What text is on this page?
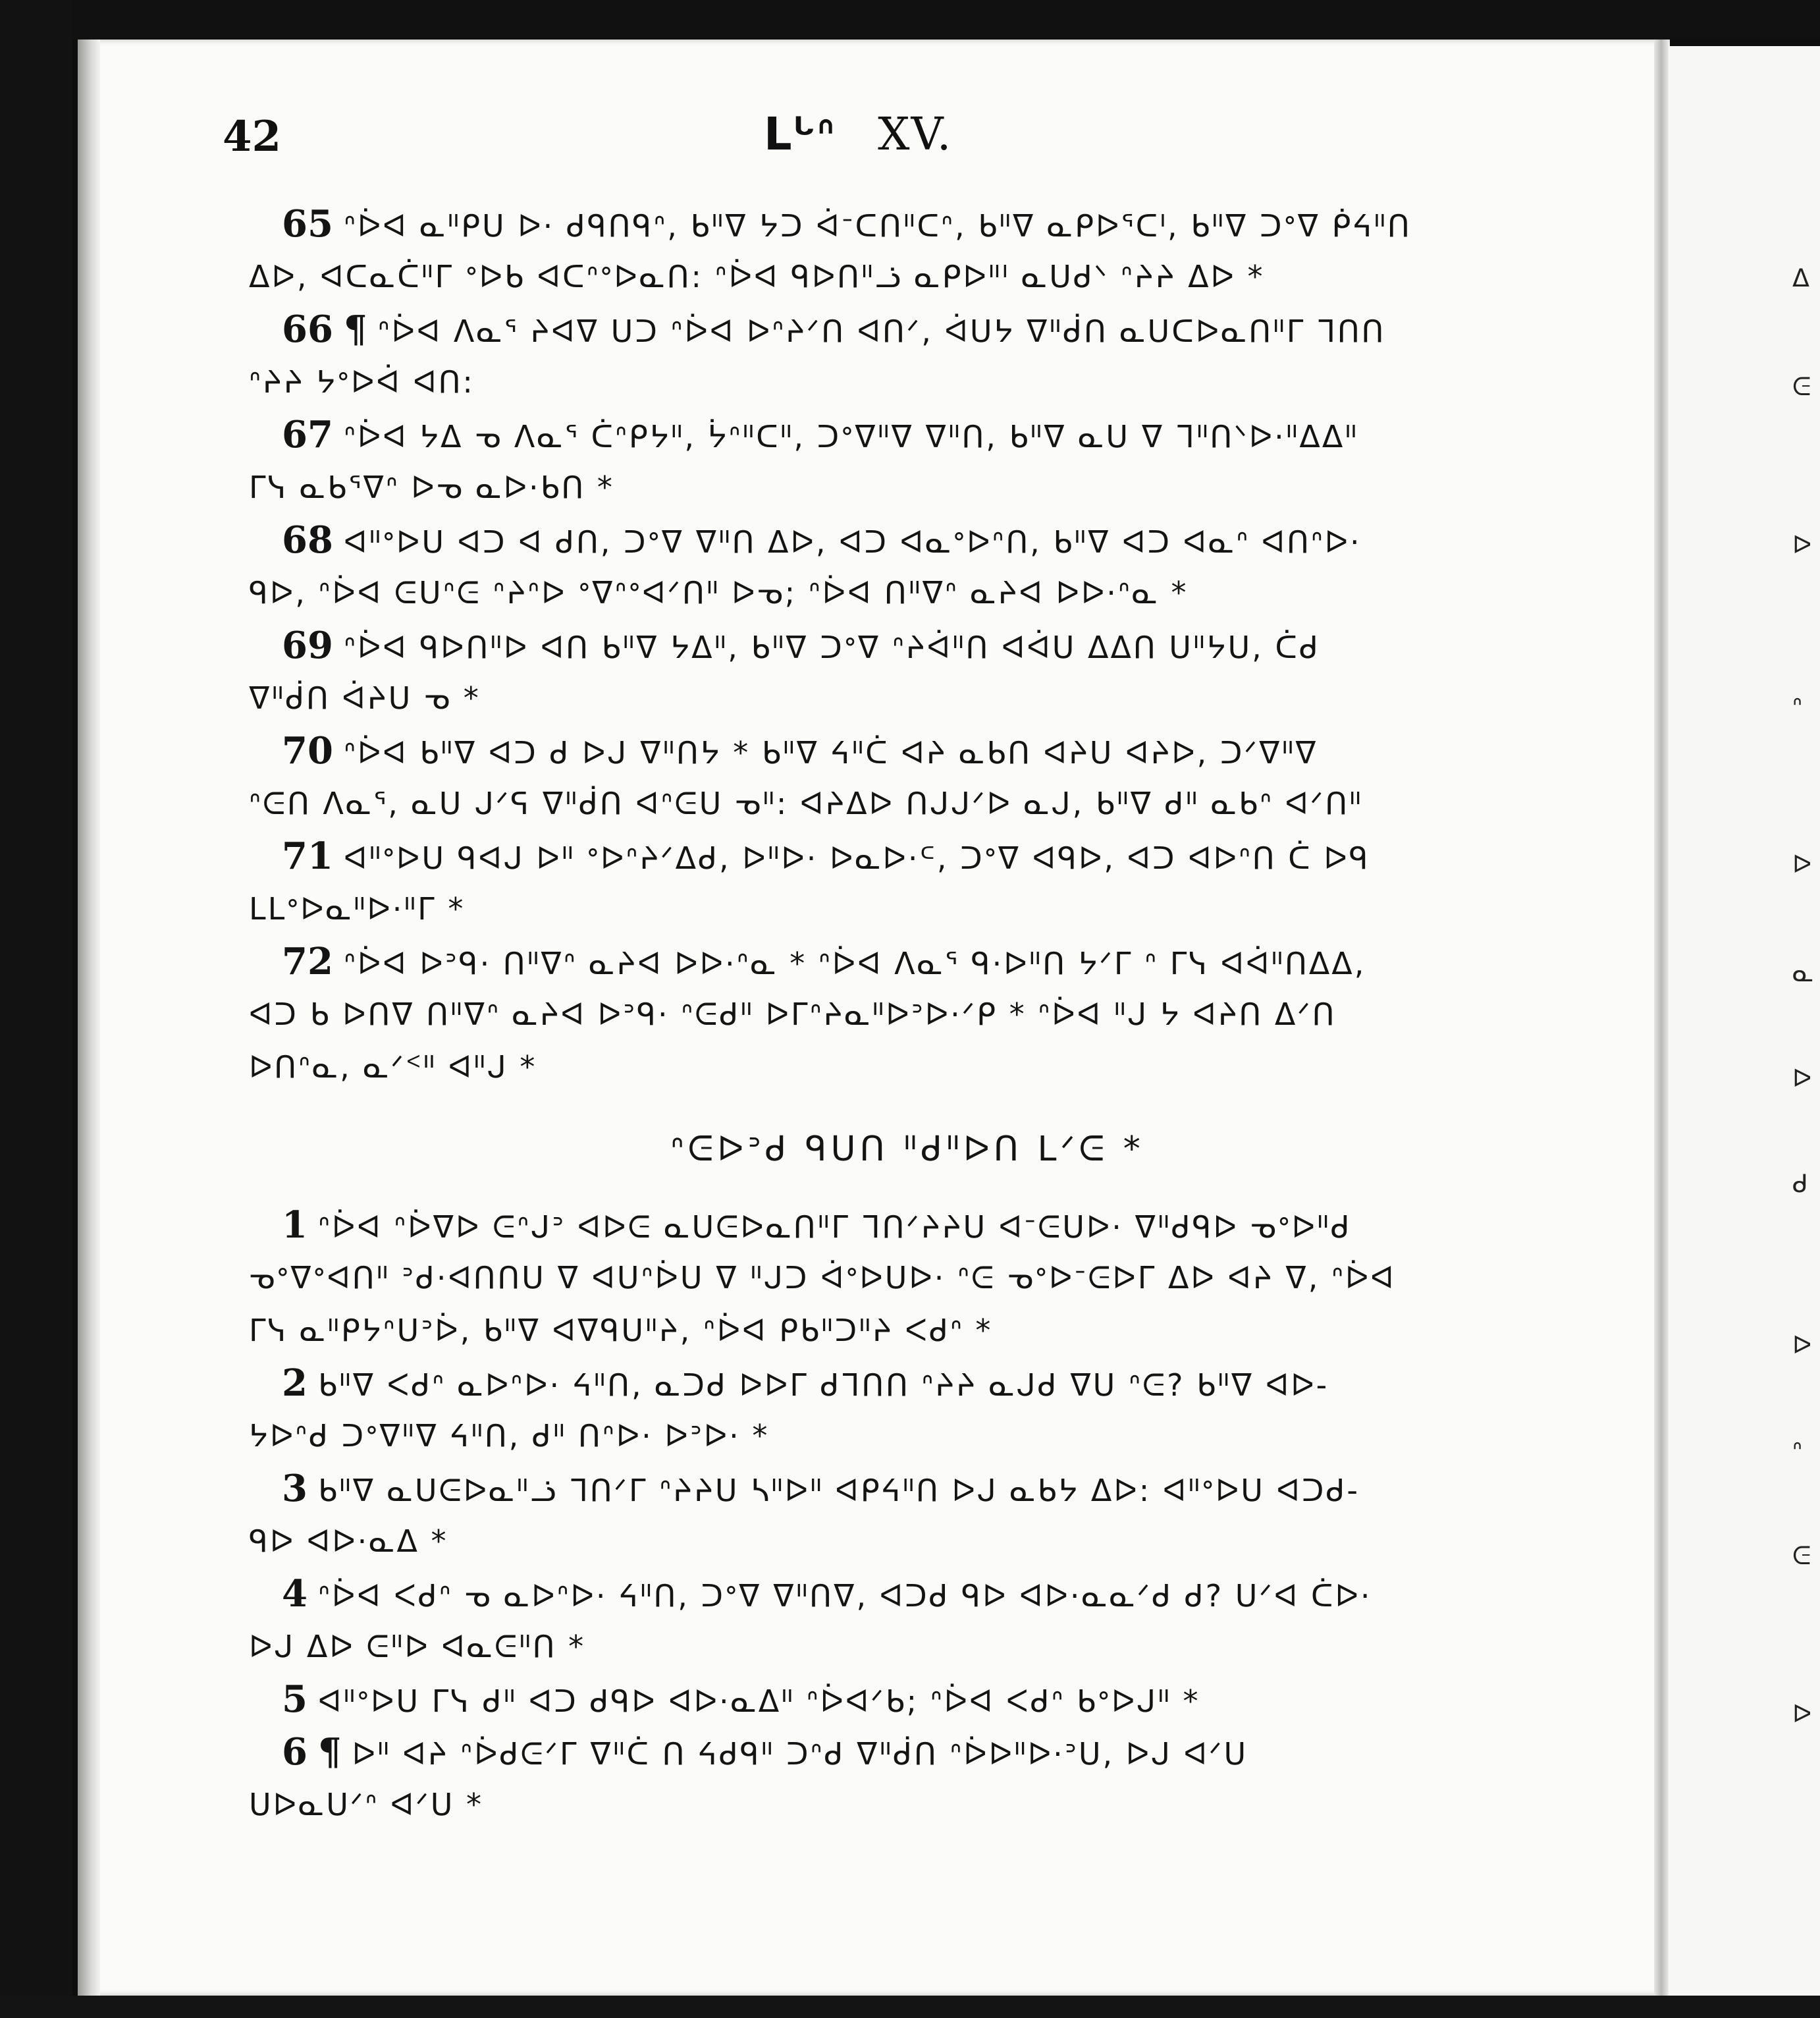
ᐃ
ᕮ
ᐅ
ᐢ
ᐅ
ᓇ
ᐅ
ᑯ
ᐅ
ᐢ
ᕮ
ᐅ
42	ᒪᒡᐢ XV.
65 ᐢᐆᐊ ᓇᐦᑭᑌ ᐅ· ᑯᑫᑎᑫᐢ, ᑲᐦᐁ ᔭᑐ ᐋᐨᑕᑎᐦᑕᐢ, ᑲᐦᐁ ᓇᑭᐅᕐᑕᑊ, ᑲᐦᐁ ᑐᐤᐁ ᑮᔦᐦᑎ
ᐃᐅ, ᐊᑕᓇᑖᐦᒥ ᐤᐅᑲ ᐊᑕᐢᐤᐅᓇᑎ: ᐢᐆᐊ ᑫᐅᑎᐦᓘ ᓇᑭᐅᐦᑊ ᓇᑌᑯᐠ ᐢᔨᔨ ᐃᐅ *
66 ¶ ᐢᐆᐊ ᐱᓇᕐ ᔨᐊᐁ ᑌᑐ ᐢᐆᐊ ᐅᐢᔨᐟᑎ ᐊᑎᐟ, ᐋᑌᔭ ᐁᐦᑰᑎ ᓇᑌᑕᐅᓇᑎᐦᒥ ᒣᑎᑎ
ᐢᔨᔨ ᔭᐤᐅᐋ ᐊᑎ:
67 ᐢᐆᐊ ᔭᐃ ᓀ ᐱᓇᕐ ᑖᐢᑭᔭᐦ, ᔮᐢᐦᑕᐦ, ᑐᐤᐁᐦᐁ ᐁᐦᑎ, ᑲᐦᐁ ᓇᑌ ᐁ ᒣᐦᑎᐠᐅ·ᐦᐃᐃᐦ
ᒥᓭ ᓇᑲᕐᐁᐢ ᐅᓀ ᓇᐅ·ᑲᑎ *
68 ᐊᐦᐤᐅᑌ ᐊᑐ ᐊ ᑯᑎ, ᑐᐤᐁ ᐁᐦᑎ ᐃᐅ, ᐊᑐ ᐊᓇᐤᐅᐢᑎ, ᑲᐦᐁ ᐊᑐ ᐊᓇᐢ ᐊᑎᐢᐅ·
ᑫᐅ, ᐢᐆᐊ ᕮᑌᐢᕮ ᐢᔨᐢᐅ ᐤᐁᐢᐤᐊᐟᑎᐦ ᐅᓀ; ᐢᐆᐊ ᑎᐦᐁᐢ ᓇᔨᐊ ᐅᐅ·ᐢᓇ *
69 ᐢᐆᐊ ᑫᐅᑎᐦᐅ ᐊᑎ ᑲᐦᐁ ᔭᐃᐦ, ᑲᐦᐁ ᑐᐤᐁ ᐢᔨᐋᐦᑎ ᐊᐋᑌ ᐃᐃᑎ ᑌᐦᔭᑌ, ᑖᑯ
ᐁᐦᑰᑎ ᐋᔨᑌ ᓀ *
70 ᐢᐆᐊ ᑲᐦᐁ ᐊᑐ ᑯ ᐅᒍ ᐁᐦᑎᔭ * ᑲᐦᐁ ᔦᐦᑖ ᐊᔨ ᓇᑲᑎ ᐊᔨᑌ ᐊᔨᐅ, ᑐᐟᐁᐦᐁ
ᐢᕮᑎ ᐱᓇᕐ, ᓇᑌ ᒍᐟᕋ ᐁᐦᑰᑎ ᐊᐢᕮᑌ ᓀᐦ: ᐊᔨᐃᐅ ᑎᒍᒍᐟᐅ ᓇᒍ, ᑲᐦᐁ ᑯᐦ ᓇᑲᐢ ᐊᐟᑎᐦ
71 ᐊᐦᐤᐅᑌ ᑫᐊᒍ ᐅᐦ ᐤᐅᐢᔨᐟᐃᑯ, ᐅᐦᐅ· ᐅᓇᐅ·ᒼ, ᑐᐤᐁ ᐊᑫᐅ, ᐊᑐ ᐊᐅᐢᑎ ᑖ ᐅᑫ
ᒪᒪᐤᐅᓇᐦᐅ·ᐦᒥ *
72 ᐢᐆᐊ ᐅᐣᑫ· ᑎᐦᐁᐢ ᓇᔨᐊ ᐅᐅ·ᐢᓇ * ᐢᐆᐊ ᐱᓇᕐ ᑫ·ᐅᐦᑎ ᔭᐟᒥ ᐢ ᒥᓭ ᐊᐋᐦᑎᐃᐃ,
ᐊᑐ ᑲ ᐅᑎᐁ ᑎᐦᐁᐢ ᓇᔨᐊ ᐅᐣᑫ· ᐢᕮᑯᐦ ᐅᒥᐢᔨᓇᐦᐅᐣᐅ·ᐟᑭ * ᐢᐆᐊ ᐦᒍ ᔭ ᐊᔨᑎ ᐃᐟᑎ
ᐅᑎᐢᓇ, ᓇᐟᑉᐦ ᐊᐦᒍ *
ᐢᕮᐅᐣᑯ ᑫᑌᑎ ᐦᑯᐦᐅᑎ ᒪᐟᕮ *
1 ᐢᐆᐊ ᐢᐆᐁᐅ ᕮᐢᒍᐣ ᐊᐅᕮ ᓇᑌᕮᐅᓇᑎᐦᒥ ᒣᑎᐟᔨᔨᑌ ᐊᐨᕮᑌᐅ· ᐁᐦᑯᑫᐅ ᓀᐤᐅᐦᑯ
ᓀᐤᐁᐤᐊᑎᐦ ᐣᑯ·ᐊᑎᑎᑌ ᐁ ᐊᑌᐢᐆᑌ ᐁ ᐦᒍᑐ ᐋᐤᐅᑌᐅ· ᐢᕮ ᓀᐤᐅᐨᕮᐅᒥ ᐃᐅ ᐊᔨ ᐁ, ᐢᐆᐊ
ᒥᓭ ᓇᐦᑭᔭᐢᑌᐣᐆ, ᑲᐦᐁ ᐊᐁᑫᑌᐦᔨ, ᐢᐆᐊ ᑭᑲᐦᑐᐦᔨ ᐸᑯᐢ *
2 ᑲᐦᐁ ᐸᑯᐢ ᓇᐅᐢᐅ· ᔦᐦᑎ, ᓇᑐᑯ ᐅᐅᒥ ᑯᒣᑎᑎ ᐢᔨᔨ ᓇᒍᑯ ᐁᑌ ᐢᕮ? ᑲᐦᐁ ᐊᐅ-
ᔭᐅᐢᑯ ᑐᐤᐁᐦᐁ ᔦᐦᑎ, ᑯᐦ ᑎᐢᐅ· ᐅᐣᐅ· *
3 ᑲᐦᐁ ᓇᑌᕮᐅᓇᐦᓘ ᒣᑎᐟᒥ ᐢᔨᔨᑌ ᓴᐦᐅᐦ ᐊᑭᔦᐦᑎ ᐅᒍ ᓇᑲᔭ ᐃᐅ: ᐊᐦᐤᐅᑌ ᐊᑐᑯ-
ᑫᐅ ᐊᐅ·ᓇᐃ *
4 ᐢᐆᐊ ᐸᑯᐢ ᓀ ᓇᐅᐢᐅ· ᔦᐦᑎ, ᑐᐤᐁ ᐁᐦᑎᐁ, ᐊᑐᑯ ᑫᐅ ᐊᐅ·ᓇᓇᐟᑯ ᑯ? ᑌᐟᐊ ᑖᐅ·
ᐅᒍ ᐃᐅ ᕮᐦᐅ ᐊᓇᕮᐦᑎ *
5 ᐊᐦᐤᐅᑌ ᒥᓭ ᑯᐦ ᐊᑐ ᑯᑫᐅ ᐊᐅ·ᓇᐃᐦ ᐢᐆᐊᐟᑲ; ᐢᐆᐊ ᐸᑯᐢ ᑲᐤᐅᒍᐦ *
6 ¶ ᐅᐦ ᐊᔨ ᐢᐆᑯᕮᐟᒥ ᐁᐦᑖ ᑎ ᔦᑯᑫᐦ ᑐᐢᑯ ᐁᐦᑰᑎ ᐢᐆᐅᐦᐅ·ᐣᑌ, ᐅᒍ ᐊᐟᑌ
ᑌᐅᓇᑌᐟᐢ ᐊᐟᑌ *
